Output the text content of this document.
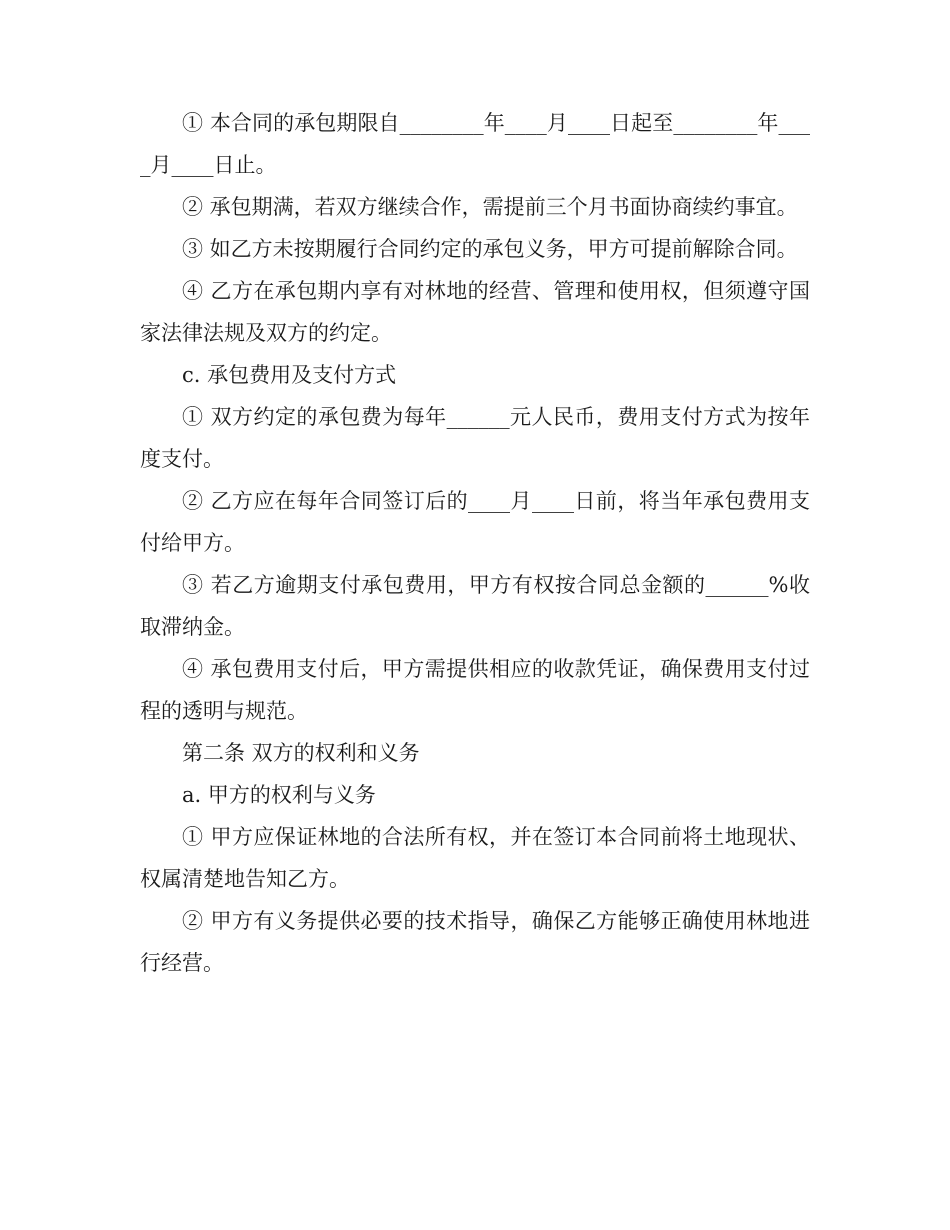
① 本合同的承包期限自________年____月____日起至________年____月____日止。

② 承包期满，若双方继续合作，需提前三个月书面协商续约事宜。

③ 如乙方未按期履行合同约定的承包义务，甲方可提前解除合同。

④ 乙方在承包期内享有对林地的经营、管理和使用权，但须遵守国家法律法规及双方的约定。

c. 承包费用及支付方式

① 双方约定的承包费为每年______元人民币，费用支付方式为按年度支付。

② 乙方应在每年合同签订后的____月____日前，将当年承包费用支付给甲方。

③ 若乙方逾期支付承包费用，甲方有权按合同总金额的______%收取滞纳金。

④ 承包费用支付后，甲方需提供相应的收款凭证，确保费用支付过程的透明与规范。

第二条 双方的权利和义务

a. 甲方的权利与义务

① 甲方应保证林地的合法所有权，并在签订本合同前将土地现状、权属清楚地告知乙方。

② 甲方有义务提供必要的技术指导，确保乙方能够正确使用林地进行经营。
